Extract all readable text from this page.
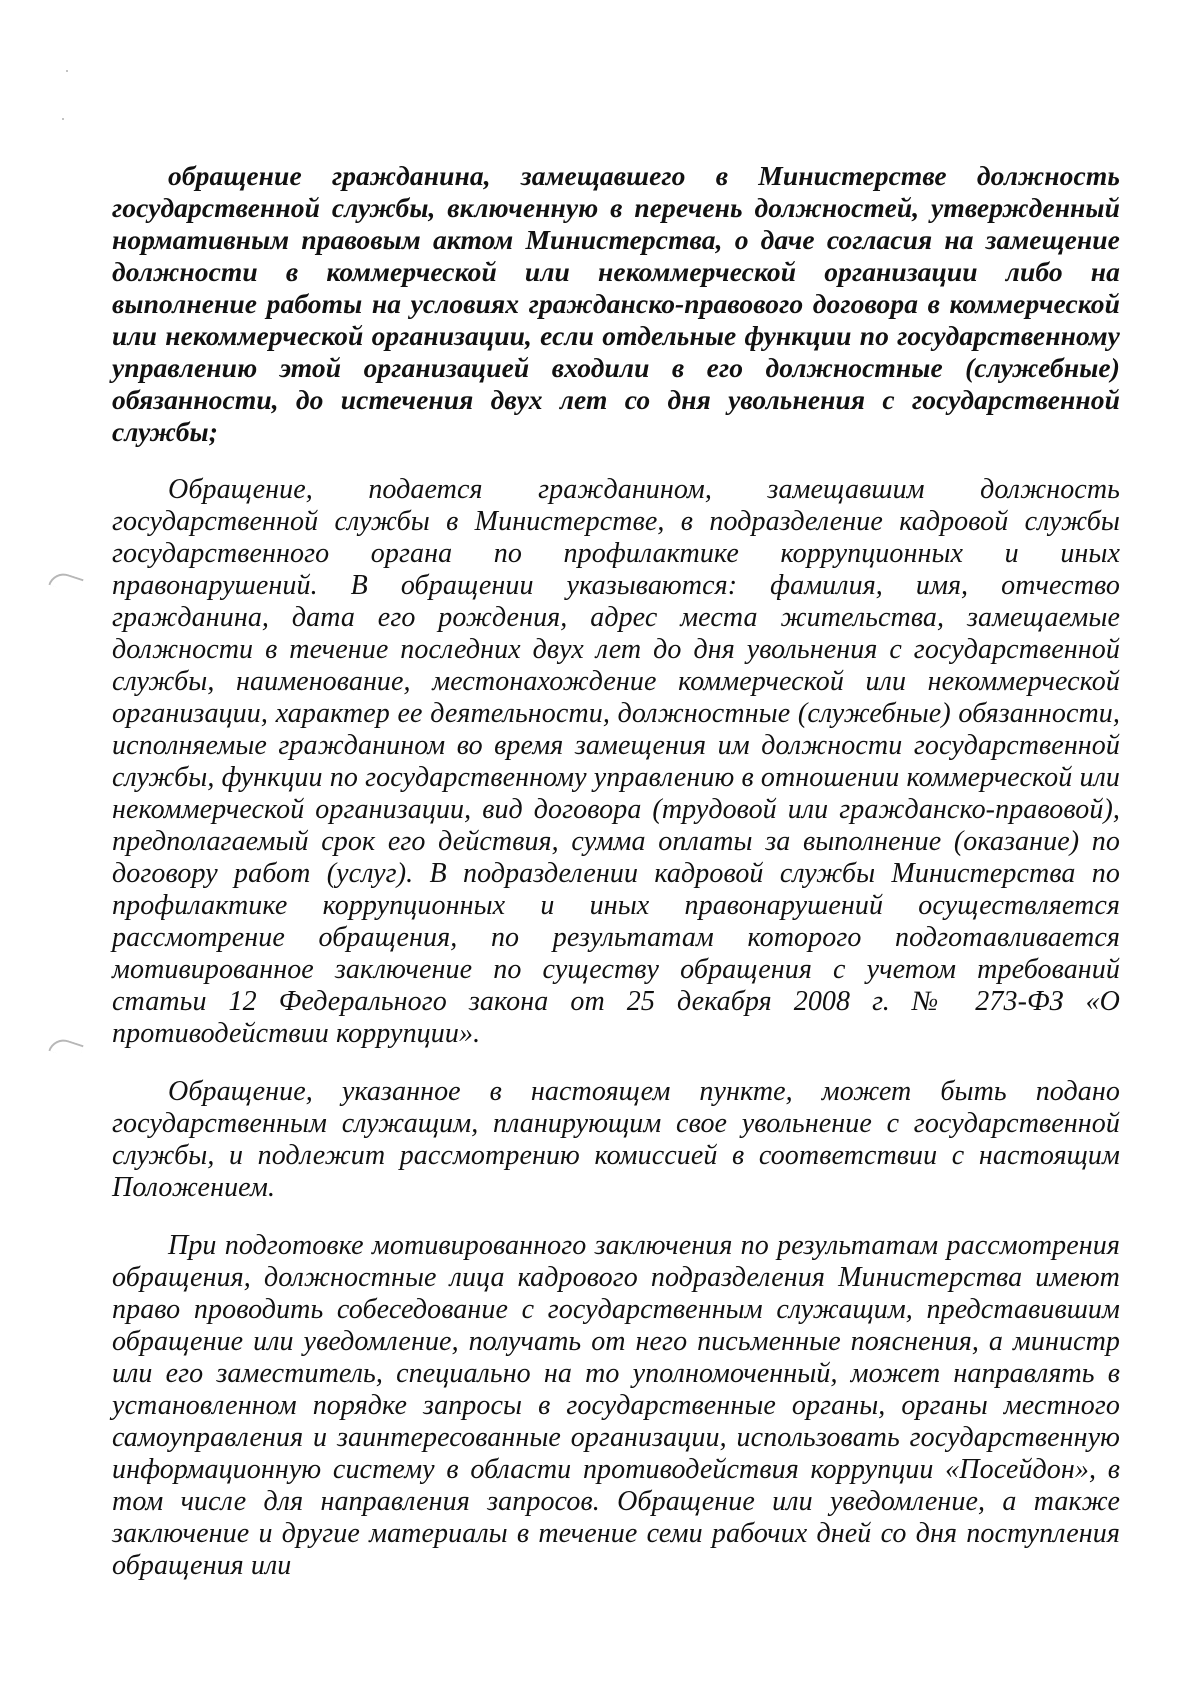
обращение гражданина, замещавшего в Министерстве должность государственной службы, включенную в перечень должностей, утвержденный нормативным правовым актом Министерства, о даче согласия на замещение должности в коммерческой или некоммерческой организации либо на выполнение работы на условиях гражданско-правового договора в коммерческой или некоммерческой организации, если отдельные функции по государственному управлению этой организацией входили в его должностные (служебные) обязанности, до истечения двух лет со дня увольнения с государственной службы;

Обращение, подается гражданином, замещавшим должность государственной службы в Министерстве, в подразделение кадровой службы государственного органа по профилактике коррупционных и иных правонарушений. В обращении указываются: фамилия, имя, отчество гражданина, дата его рождения, адрес места жительства, замещаемые должности в течение последних двух лет до дня увольнения с государственной службы, наименование, местонахождение коммерческой или некоммерческой организации, характер ее деятельности, должностные (служебные) обязанности, исполняемые гражданином во время замещения им должности государственной службы, функции по государственному управлению в отношении коммерческой или некоммерческой организации, вид договора (трудовой или гражданско-правовой), предполагаемый срок его действия, сумма оплаты за выполнение (оказание) по договору работ (услуг). В подразделении кадровой службы Министерства по профилактике коррупционных и иных правонарушений осуществляется рассмотрение обращения, по результатам которого подготавливается мотивированное заключение по существу обращения с учетом требований статьи 12 Федерального закона от 25 декабря 2008 г. № 273-ФЗ «О противодействии коррупции».

Обращение, указанное в настоящем пункте, может быть подано государственным служащим, планирующим свое увольнение с государственной службы, и подлежит рассмотрению комиссией в соответствии с настоящим Положением.

При подготовке мотивированного заключения по результатам рассмотрения обращения, должностные лица кадрового подразделения Министерства имеют право проводить собеседование с государственным служащим, представившим обращение или уведомление, получать от него письменные пояснения, а министр или его заместитель, специально на то уполномоченный, может направлять в установленном порядке запросы в государственные органы, органы местного самоуправления и заинтересованные организации, использовать государственную информационную систему в области противодействия коррупции «Посейдон», в том числе для направления запросов. Обращение или уведомление, а также заключение и другие материалы в течение семи рабочих дней со дня поступления обращения или
